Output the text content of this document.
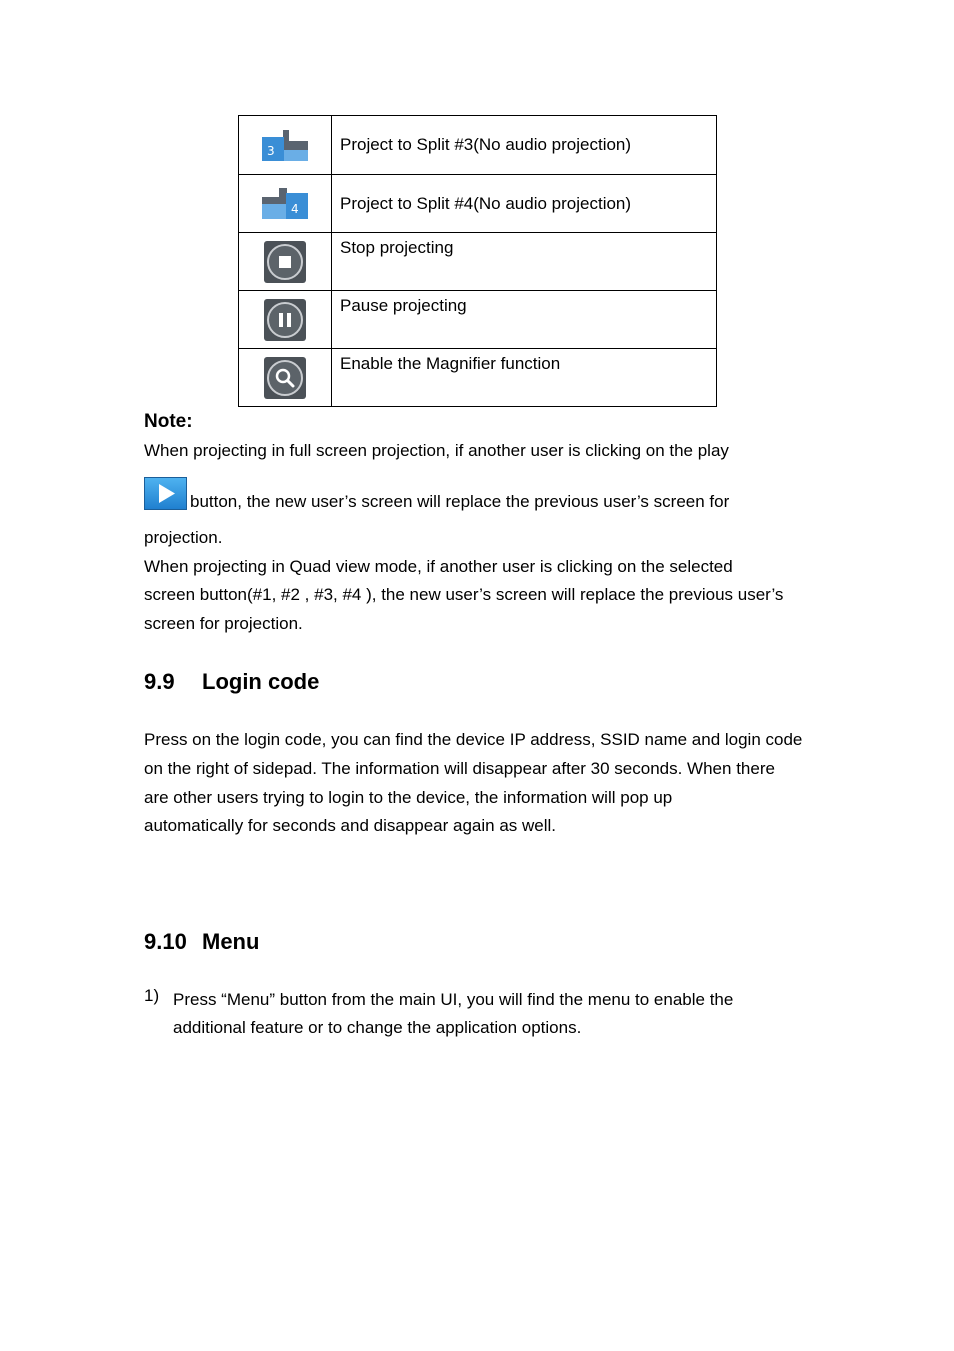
3	Project to Split #3(No audio projection)

4	Project to Split #4(No audio projection)
	Stop projecting
	Pause projecting
	Enable the Magnifier function
Note:
When projecting in full screen projection, if another user is clicking on the play
button, the new user’s screen will replace the previous user’s screen for
projection.
When projecting in Quad view mode, if another user is clicking on the selected
screen button(#1, #2 , #3, #4 ), the new user’s screen will replace the previous user’s
screen for projection.
9.9 Login code
Press on the login code, you can find the device IP address, SSID name and login code
on the right of sidepad. The information will disappear after 30 seconds. When there
are other users trying to login to the device, the information will pop up
automatically for seconds and disappear again as well.
9.10 Menu
1) Press “Menu” button from the main UI, you will find the menu to enable the
additional feature or to change the application options.
